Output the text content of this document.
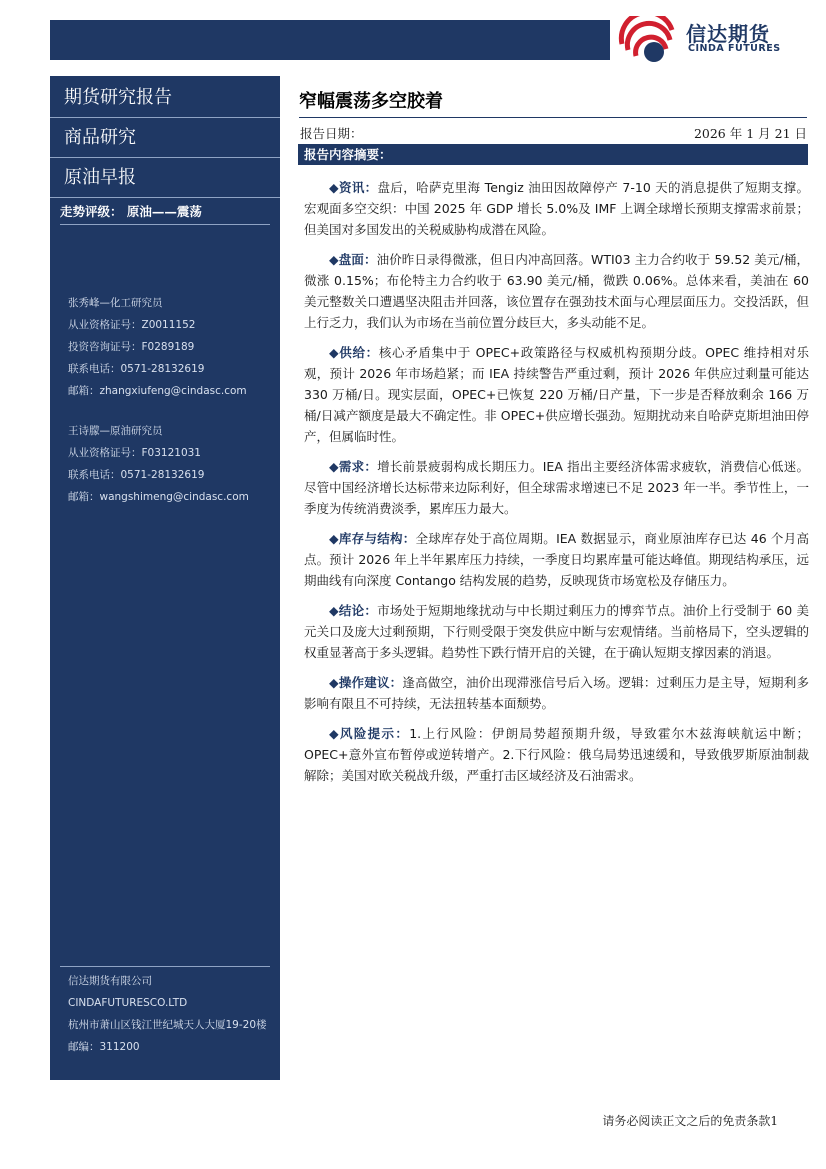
信达期货
CINDA FUTURES
期货研究报告
商品研究
原油早报
走势评级： 原油——震荡
张秀峰—化工研究员
从业资格证号：Z0011152
投资咨询证号：F0289189
联系电话：0571-28132619
邮箱：zhangxiufeng@cindasc.com
王诗朦—原油研究员
从业资格证号：F03121031
联系电话：0571-28132619
邮箱：wangshimeng@cindasc.com
信达期货有限公司
CINDAFUTURESCO.LTD
杭州市萧山区钱江世纪城天人大厦19-20楼
邮编：311200
窄幅震荡多空胶着
报告日期：	2026 年 1 月 21 日
报告内容摘要：

◆资讯：盘后，哈萨克里海 Tengiz 油田因故障停产 7-10 天的消息提供了短期支撑。宏观面多空交织：中国 2025 年 GDP 增长 5.0%及 IMF 上调全球增长预期支撑需求前景；但美国对多国发出的关税威胁构成潜在风险。

◆盘面：油价昨日录得微涨，但日内冲高回落。WTI03 主力合约收于 59.52 美元/桶，微涨 0.15%；布伦特主力合约收于 63.90 美元/桶，微跌 0.06%。总体来看，美油在 60 美元整数关口遭遇坚决阻击并回落，该位置存在强劲技术面与心理层面压力。交投活跃，但上行乏力，我们认为市场在当前位置分歧巨大，多头动能不足。

◆供给：核心矛盾集中于 OPEC+政策路径与权威机构预期分歧。OPEC 维持相对乐观，预计 2026 年市场趋紧；而 IEA 持续警告严重过剩，预计 2026 年供应过剩量可能达 330 万桶/日。现实层面，OPEC+已恢复 220 万桶/日产量，下一步是否释放剩余 166 万桶/日减产额度是最大不确定性。非 OPEC+供应增长强劲。短期扰动来自哈萨克斯坦油田停产，但属临时性。

◆需求：增长前景疲弱构成长期压力。IEA 指出主要经济体需求疲软，消费信心低迷。尽管中国经济增长达标带来边际利好，但全球需求增速已不足 2023 年一半。季节性上，一季度为传统消费淡季，累库压力最大。

◆库存与结构：全球库存处于高位周期。IEA 数据显示，商业原油库存已达 46 个月高点。预计 2026 年上半年累库压力持续，一季度日均累库量可能达峰值。期现结构承压，远期曲线有向深度 Contango 结构发展的趋势，反映现货市场宽松及存储压力。

◆结论：市场处于短期地缘扰动与中长期过剩压力的博弈节点。油价上行受制于 60 美元关口及庞大过剩预期，下行则受限于突发供应中断与宏观情绪。当前格局下，空头逻辑的权重显著高于多头逻辑。趋势性下跌行情开启的关键，在于确认短期支撑因素的消退。

◆操作建议：逢高做空，油价出现滞涨信号后入场。逻辑：过剩压力是主导，短期利多影响有限且不可持续，无法扭转基本面颓势。

◆风险提示：1.上行风险：伊朗局势超预期升级，导致霍尔木兹海峡航运中断；OPEC+意外宣布暂停或逆转增产。2.下行风险：俄乌局势迅速缓和，导致俄罗斯原油制裁解除；美国对欧关税战升级，严重打击区域经济及石油需求。

请务必阅读正文之后的免责条款1
